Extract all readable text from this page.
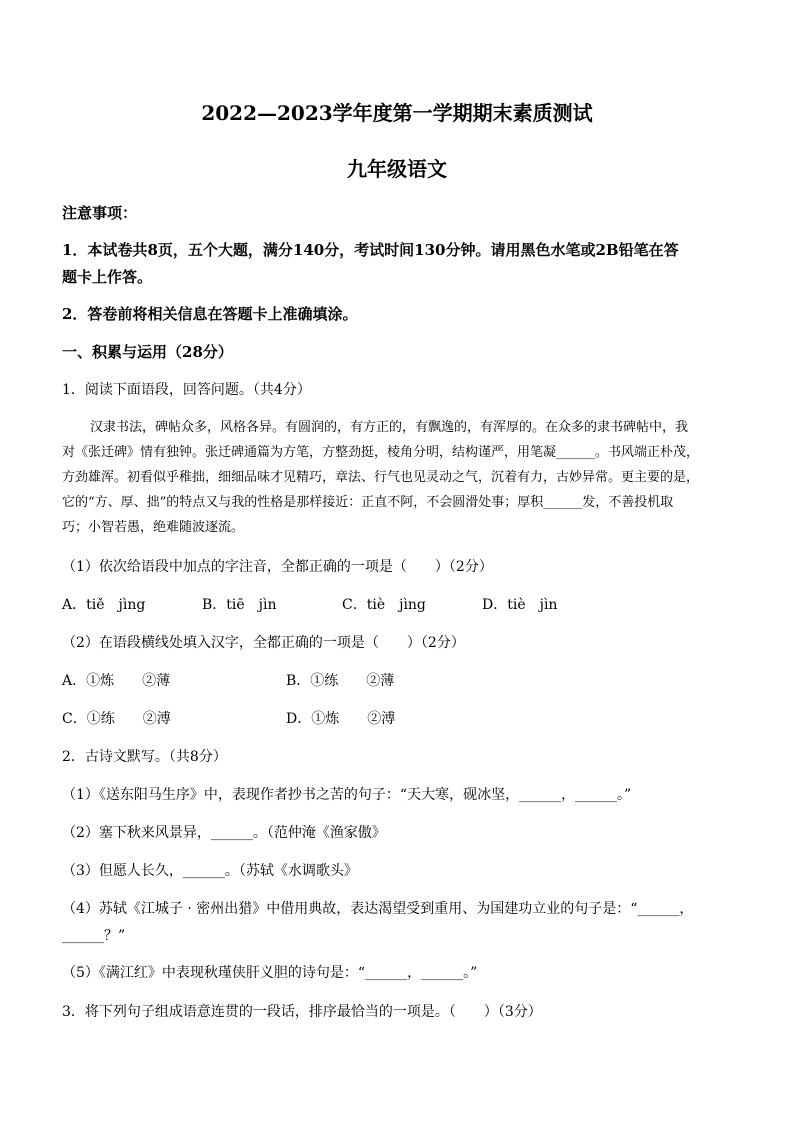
2022—2023学年度第一学期期末素质测试
九年级语文
注意事项：
1．本试卷共8页，五个大题，满分140分，考试时间130分钟。请用黑色水笔或2B铅笔在答
题卡上作答。
2．答卷前将相关信息在答题卡上准确填涂。
一、积累与运用（28分）
1．阅读下面语段，回答问题。（共4分）
汉隶书法，碑帖众多，风格各异。有圆润的，有方正的，有飘逸的，有浑厚的。在众多的隶书碑帖中，我
对《张迁碑》情有独钟。张迁碑通篇为方笔，方整劲挺，棱角分明，结构谨严，用笔凝______。书风端正朴茂，
方劲雄浑。初看似乎稚拙，细细品味才见精巧，章法、行气也见灵动之气，沉着有力，古妙异常。更主要的是，
它的“方、厚、拙”的特点又与我的性格是那样接近：正直不阿，不会圆滑处事；厚积______发，不善投机取
巧；小智若愚，绝难随波逐流。
（1）依次给语段中加点的字注音，全都正确的一项是（　　）（2分）
A．tiě　jìng	B．tiē　jìn	C．tiè　jìng	D．tiè　jìn
（2）在语段横线处填入汉字，全都正确的一项是（　　）（2分）
A．①炼　　②薄	B．①练　　②薄
C．①练　　②溥	D．①炼　　②溥
2．古诗文默写。（共8分）
（1）《送东阳马生序》中，表现作者抄书之苦的句子：“天大寒，砚冰坚，______，______。”
（2）塞下秋来风景异，______。（范仲淹《渔家傲》
（3）但愿人长久，______。（苏轼《水调歌头》
（4）苏轼《江城子 · 密州出猎》中借用典故，表达渴望受到重用、为国建功立业的句子是：“______，
______？”
（5）《满江红》中表现秋瑾侠肝义胆的诗句是：“______，______。”
3．将下列句子组成语意连贯的一段话，排序最恰当的一项是。（　　）（3分）
